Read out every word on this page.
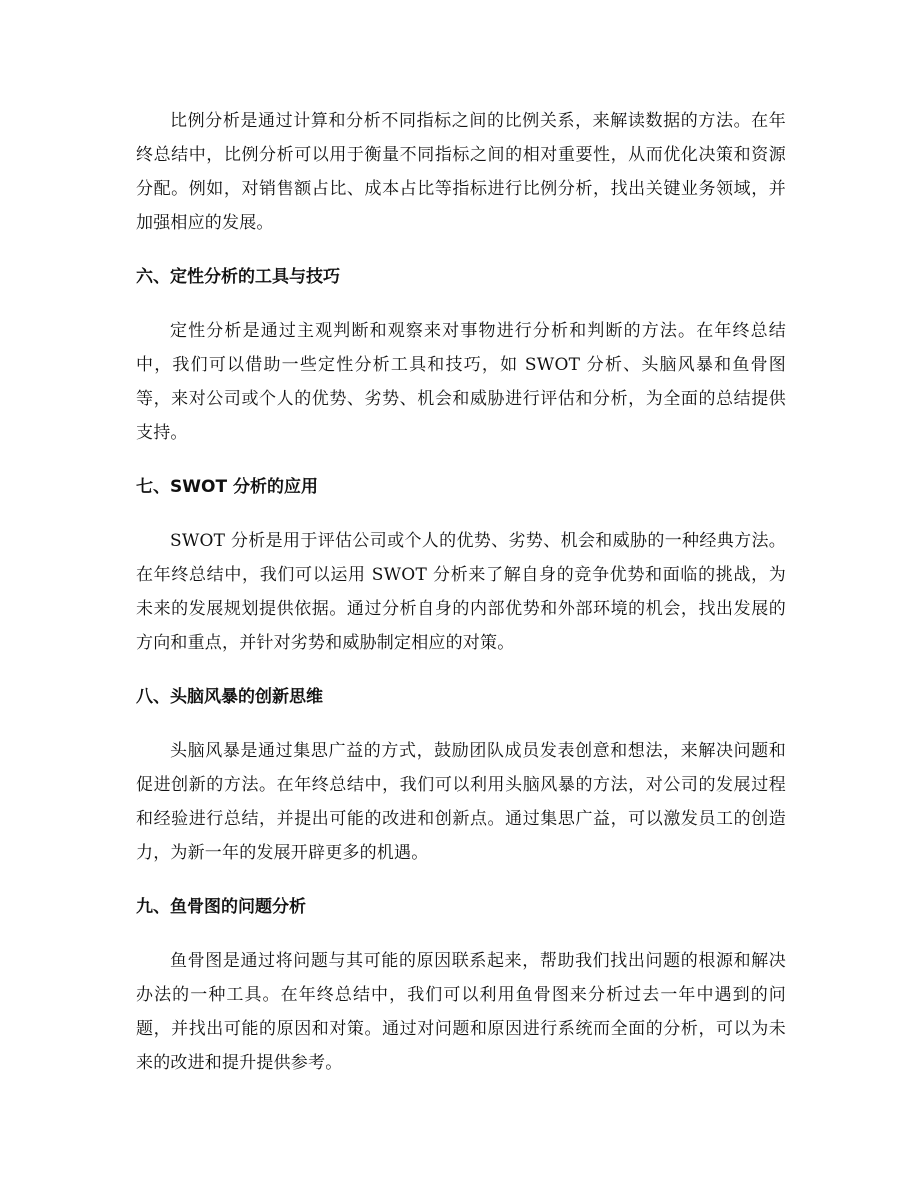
比例分析是通过计算和分析不同指标之间的比例关系，来解读数据的方法。在年终总结中，比例分析可以用于衡量不同指标之间的相对重要性，从而优化决策和资源分配。例如，对销售额占比、成本占比等指标进行比例分析，找出关键业务领域，并加强相应的发展。

六、定性分析的工具与技巧

定性分析是通过主观判断和观察来对事物进行分析和判断的方法。在年终总结中，我们可以借助一些定性分析工具和技巧，如 SWOT 分析、头脑风暴和鱼骨图等，来对公司或个人的优势、劣势、机会和威胁进行评估和分析，为全面的总结提供支持。

七、SWOT 分析的应用

SWOT 分析是用于评估公司或个人的优势、劣势、机会和威胁的一种经典方法。在年终总结中，我们可以运用 SWOT 分析来了解自身的竞争优势和面临的挑战，为未来的发展规划提供依据。通过分析自身的内部优势和外部环境的机会，找出发展的方向和重点，并针对劣势和威胁制定相应的对策。

八、头脑风暴的创新思维

头脑风暴是通过集思广益的方式，鼓励团队成员发表创意和想法，来解决问题和促进创新的方法。在年终总结中，我们可以利用头脑风暴的方法，对公司的发展过程和经验进行总结，并提出可能的改进和创新点。通过集思广益，可以激发员工的创造力，为新一年的发展开辟更多的机遇。

九、鱼骨图的问题分析

鱼骨图是通过将问题与其可能的原因联系起来，帮助我们找出问题的根源和解决办法的一种工具。在年终总结中，我们可以利用鱼骨图来分析过去一年中遇到的问题，并找出可能的原因和对策。通过对问题和原因进行系统而全面的分析，可以为未来的改进和提升提供参考。
